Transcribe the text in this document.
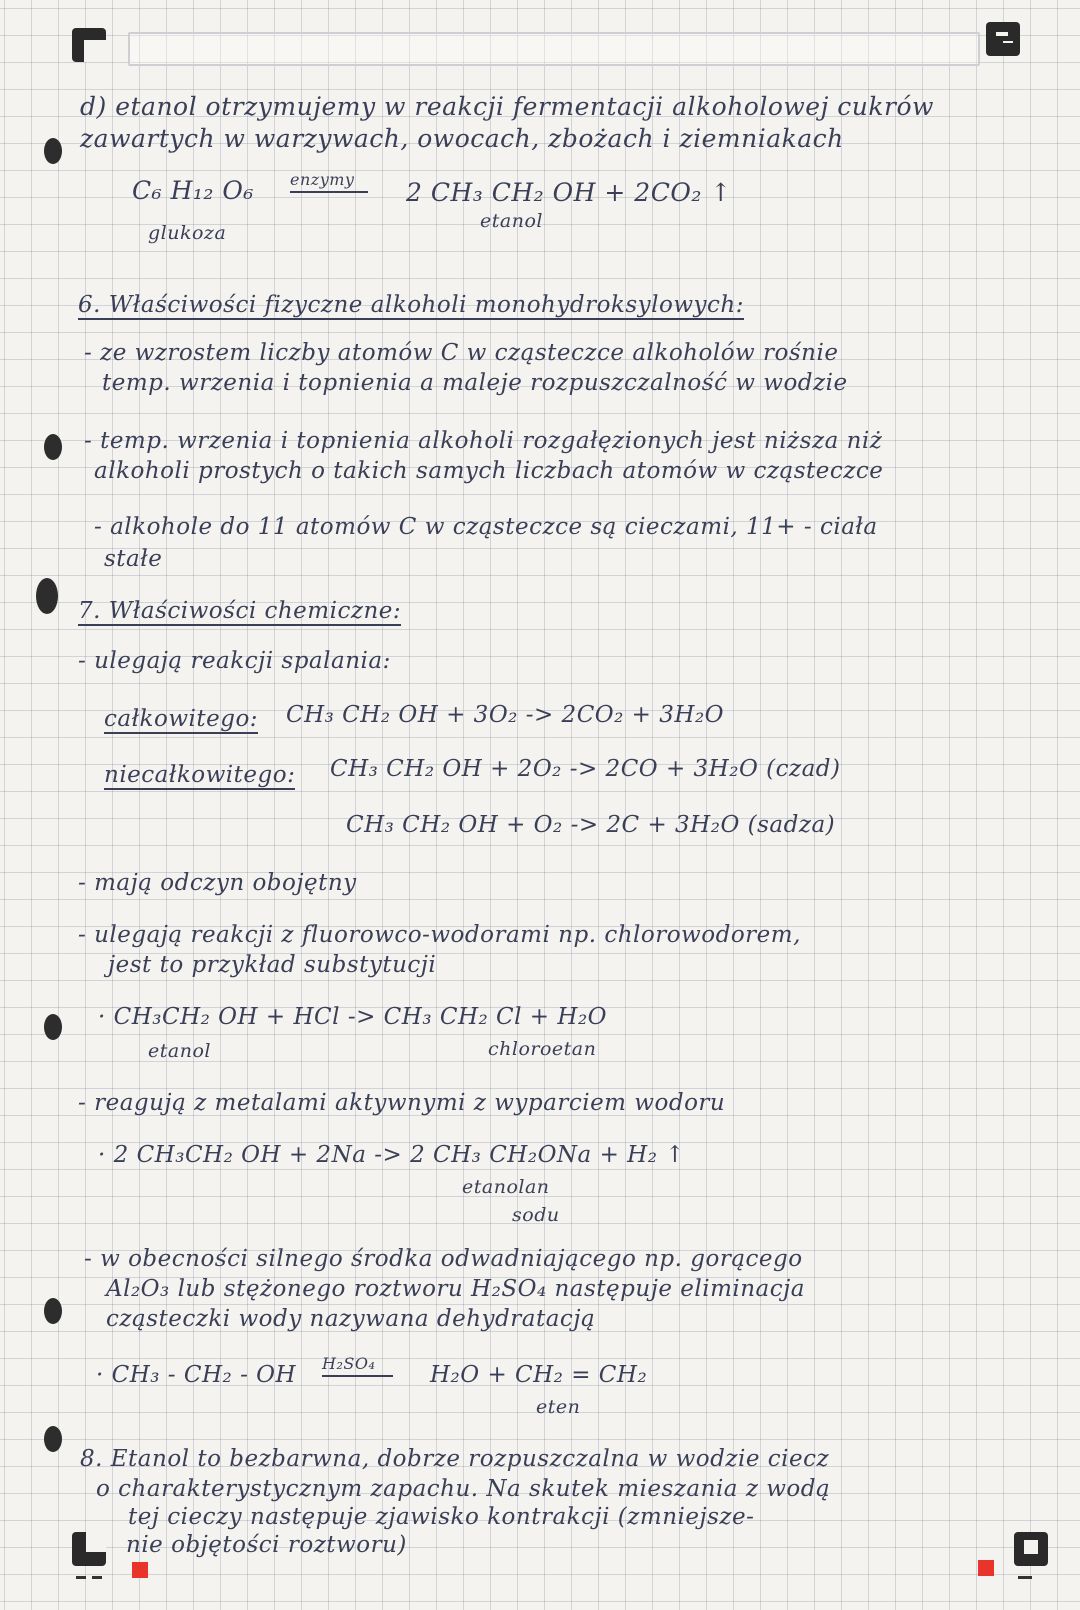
d) etanol otrzymujemy w reakcji fermentacji alkoholowej cukrów
zawartych w warzywach, owocach, zbożach i ziemniakach
C₆ H₁₂ O₆ enzymy	2 CH₃ CH₂ OH + 2CO₂ ↑
glukoza
etanol
6. Właściwości fizyczne alkoholi monohydroksylowych:
- ze wzrostem liczby atomów C w cząsteczce alkoholów rośnie
temp. wrzenia i topnienia a maleje rozpuszczalność w wodzie
- temp. wrzenia i topnienia alkoholi rozgałęzionych jest niższa niż
alkoholi prostych o takich samych liczbach atomów w cząsteczce
- alkohole do 11 atomów C w cząsteczce są cieczami, 11+ - ciała
stałe
7. Właściwości chemiczne:
- ulegają reakcji spalania:
całkowitego: CH₃ CH₂ OH + 3O₂ -> 2CO₂ + 3H₂O
niecałkowitego: CH₃ CH₂ OH + 2O₂ -> 2CO + 3H₂O (czad)
CH₃ CH₂ OH + O₂ -> 2C + 3H₂O (sadza)
- mają odczyn obojętny
- ulegają reakcji z fluorowco-wodorami np. chlorowodorem,
jest to przykład substytucji
· CH₃CH₂ OH + HCl -> CH₃ CH₂ Cl + H₂O
etanol	chloroetan
- reagują z metalami aktywnymi z wyparciem wodoru
· 2 CH₃CH₂ OH + 2Na -> 2 CH₃ CH₂ONa + H₂ ↑
etanolan
sodu
- w obecności silnego środka odwadniającego np. gorącego
Al₂O₃ lub stężonego roztworu H₂SO₄ następuje eliminacja
cząsteczki wody nazywana dehydratacją
· CH₃ - CH₂ - OH H₂SO₄	H₂O + CH₂ = CH₂
eten
8. Etanol to bezbarwna, dobrze rozpuszczalna w wodzie ciecz
o charakterystycznym zapachu. Na skutek mieszania z wodą
tej cieczy następuje zjawisko kontrakcji (zmniejsze-
nie objętości roztworu)
